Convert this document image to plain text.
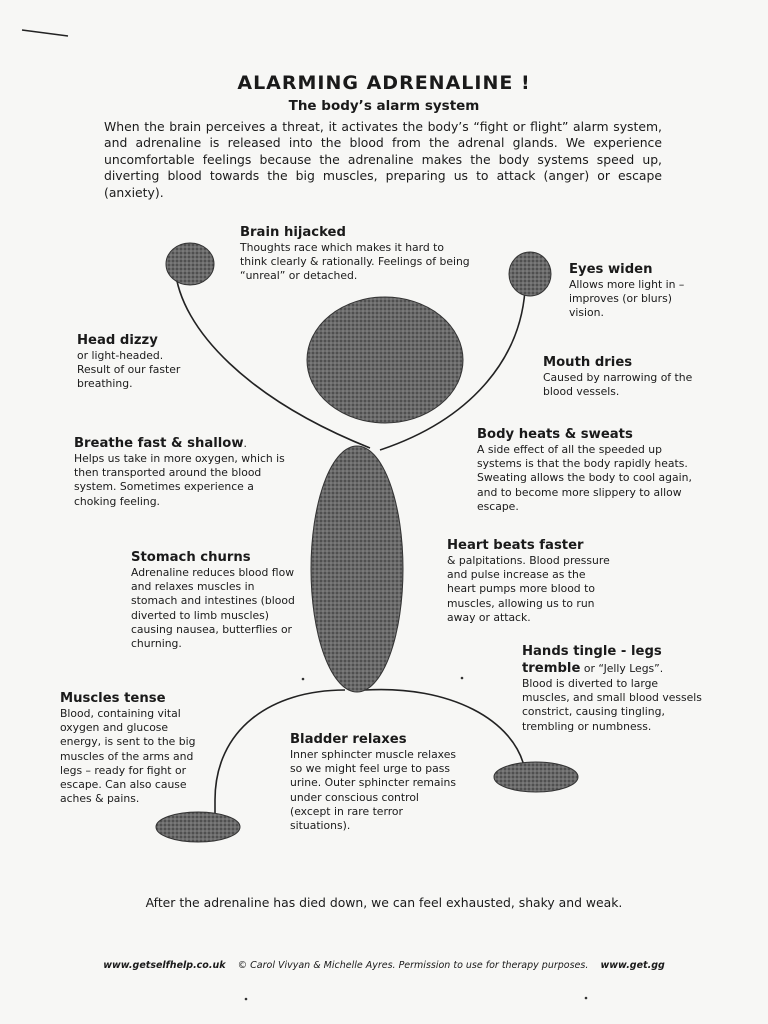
ALARMING ADRENALINE !
The body’s alarm system
When the brain perceives a threat, it activates the body’s “fight or flight” alarm system, and adrenaline is released into the blood from the adrenal glands. We experience uncomfortable feelings because the adrenaline makes the body systems speed up, diverting blood towards the big muscles, preparing us to attack (anger) or escape (anxiety).
Brain hijacked
Thoughts race which makes it hard to think clearly & rationally. Feelings of being “unreal” or detached.	Eyes widen
Allows more light in – improves (or blurs) vision.
Head dizzy
or light-headed. Result of our faster breathing.
Mouth dries
Caused by narrowing of the blood vessels.
Breathe fast & shallow.
Helps us take in more oxygen, which is then transported around the blood system. Sometimes experience a choking feeling.
Body heats & sweats
A side effect of all the speeded up systems is that the body rapidly heats. Sweating allows the body to cool again, and to become more slippery to allow escape.
Heart beats faster
& palpitations. Blood pressure and pulse increase as the heart pumps more blood to muscles, allowing us to run away or attack.
Stomach churns
Adrenaline reduces blood flow and relaxes muscles in stomach and intestines (blood diverted to limb muscles) causing nausea, butterflies or churning.
Hands tingle - legs
tremble or “Jelly Legs”.
Blood is diverted to large muscles, and small blood vessels constrict, causing tingling, trembling or numbness.
Muscles tense
Blood, containing vital oxygen and glucose energy, is sent to the big muscles of the arms and legs – ready for fight or escape. Can also cause aches & pains.
Bladder relaxes
Inner sphincter muscle relaxes so we might feel urge to pass urine. Outer sphincter remains under conscious control (except in rare terror situations).
After the adrenaline has died down, we can feel exhausted, shaky and weak.
www.getselfhelp.co.uk © Carol Vivyan & Michelle Ayres. Permission to use for therapy purposes. www.get.gg
